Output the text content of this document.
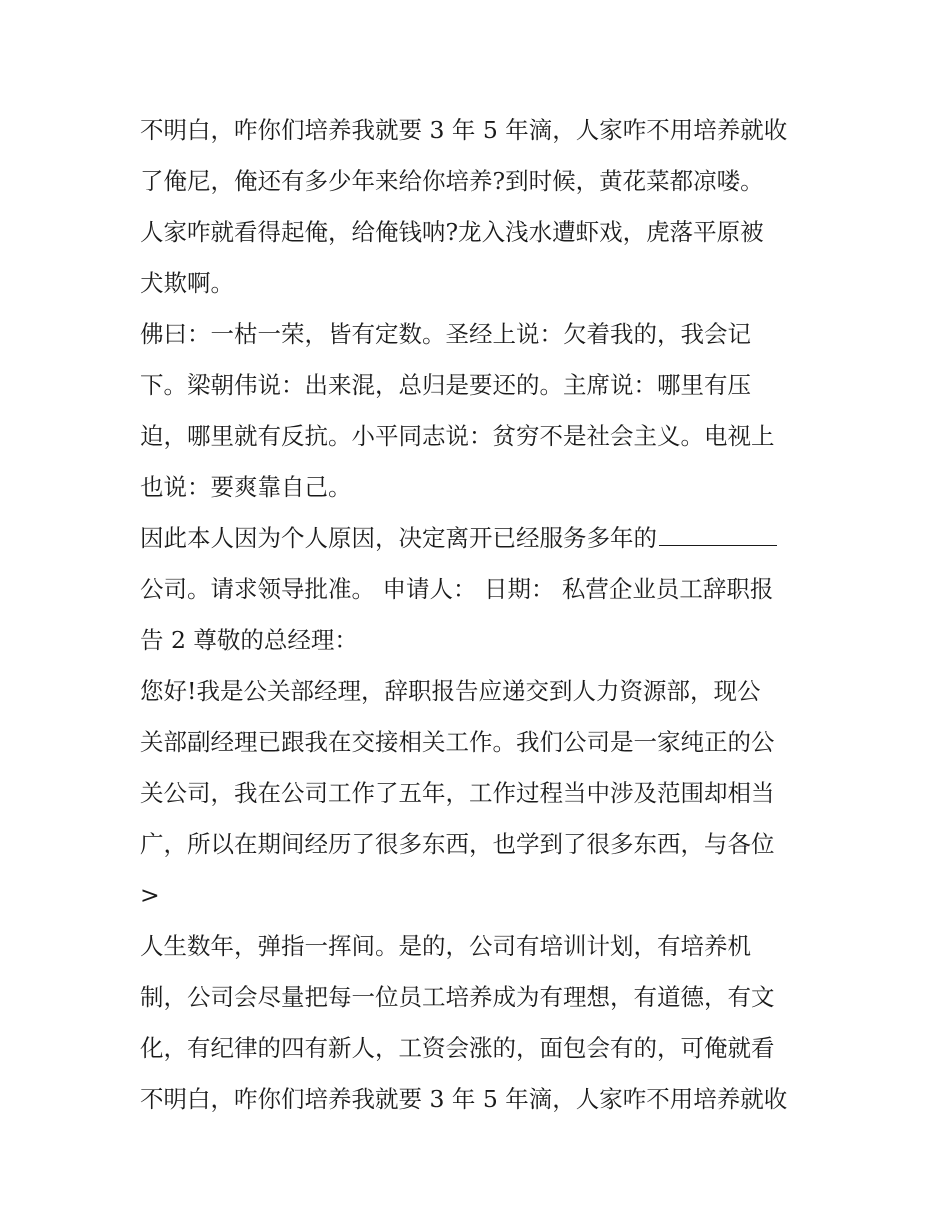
不明白，咋你们培养我就要 3 年 5 年滴，人家咋不用培养就收
了俺尼，俺还有多少年来给你培养?到时候，黄花菜都凉喽。
人家咋就看得起俺，给俺钱呐?龙入浅水遭虾戏，虎落平原被
犬欺啊。
佛曰：一枯一荣，皆有定数。圣经上说：欠着我的，我会记
下。梁朝伟说：出来混，总归是要还的。主席说：哪里有压
迫，哪里就有反抗。小平同志说：贫穷不是社会主义。电视上
也说：要爽靠自己。
因此本人因为个人原因，决定离开已经服务多年的
公司。请求领导批准。 申请人： 日期： 私营企业员工辞职报
告 2 尊敬的总经理：
您好!我是公关部经理，辞职报告应递交到人力资源部，现公
关部副经理已跟我在交接相关工作。我们公司是一家纯正的公
关公司，我在公司工作了五年，工作过程当中涉及范围却相当
广，所以在期间经历了很多东西，也学到了很多东西，与各位
>
人生数年，弹指一挥间。是的，公司有培训计划，有培养机
制，公司会尽量把每一位员工培养成为有理想，有道德，有文
化，有纪律的四有新人，工资会涨的，面包会有的，可俺就看
不明白，咋你们培养我就要 3 年 5 年滴，人家咋不用培养就收
